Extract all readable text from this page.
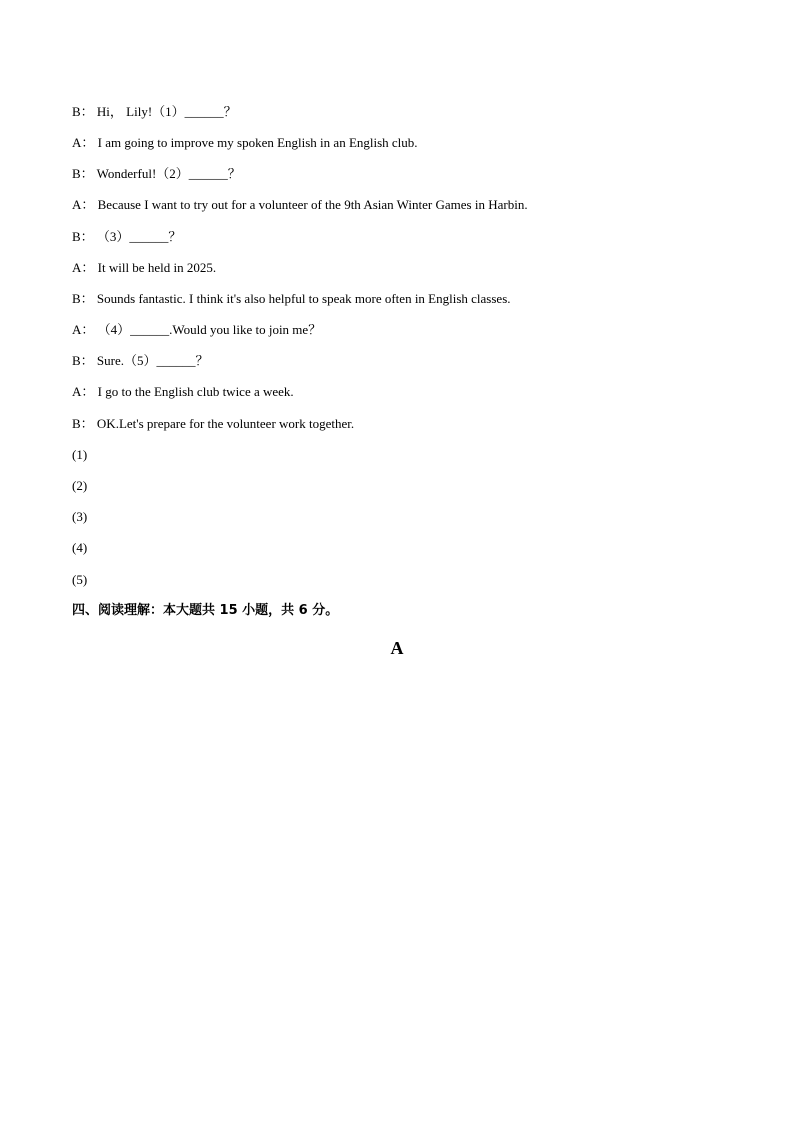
B： Hi， Lily!（1）______？
A： I am going to improve my spoken English in an English club.
B： Wonderful!（2）______？
A： Because I want to try out for a volunteer of the 9th Asian Winter Games in Harbin.
B： （3）______？
A： It will be held in 2025.
B： Sounds fantastic. I think it's also helpful to speak more often in English classes.
A： （4）______.Would you like to join me？
B： Sure.（5）______？
A： I go to the English club twice a week.
B： OK.Let's prepare for the volunteer work together.
(1)
(2)
(3)
(4)
(5)
四、阅读理解：本大题共 15 小题，共 6 分。
A
